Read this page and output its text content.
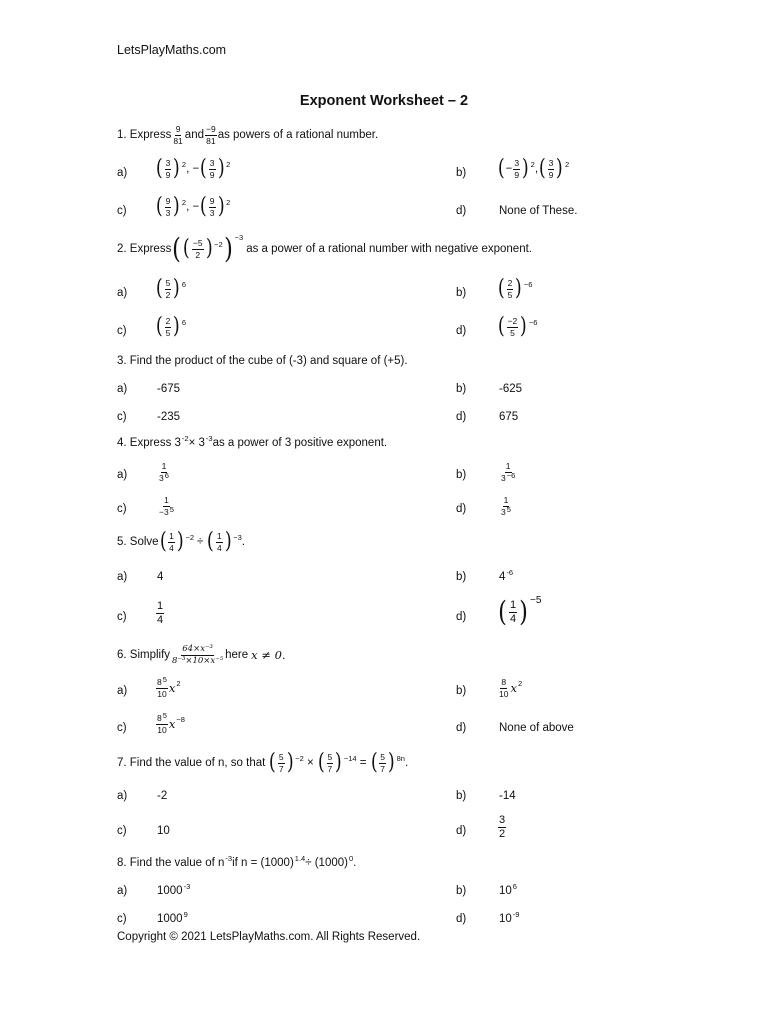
LetsPlayMaths.com
Exponent Worksheet – 2
1. Express $\frac{9}{81}$ and $\frac{-9}{81}$ as powers of a rational number.
a) ( $\frac{3}{9}$ ) 2 , − ( $\frac{3}{9}$ ) 2
b) ( − $\frac{3}{9}$ ) 2 , ( $\frac{3}{9}$ ) 2
c) ( $\frac{9}{3}$ ) 2 , − ( $\frac{9}{3}$ ) 2
d)	None of These.
2. Express ( ( $\frac{-5}{2}$ ) −2 ) −3
as a power of a rational number with negative exponent.
a) ( $\frac{5}{2}$ ) 6
b) ( $\frac{2}{5}$ ) −6
c) ( $\frac{2}{5}$ ) 6
d) ( $\frac{-2}{5}$ ) −6
3. Find the product of the cube of (-3) and square of (+5).
a)	-675	b)	-625
c)	-235	d)	675
4. Express 3 -2 × 3 -3 as a power of 3 positive exponent.
a)	$\frac{1}{36}$	b)	$\frac{1}{3-6}$
c)	$\frac{1}{-35}$	d)	$\frac{1}{35}$
5. Solve ( $\frac{1}{4}$ ) −2 ÷ ( $\frac{1}{4}$ ) −3 .
a)	4	b)	4 -6
c)	$\frac{1}{4}$	d) ( $\frac{1}{4}$ ) −5
6. Simplify $\frac{\text{64×x⁻³}}{\text{8⁻³×10×x⁻⁵}}$ here x ≠ 0.
a)	$\frac{85}{10}$ x 2
b)	$\frac{8}{10}$ x 2
c)	$\frac{85}{10}$ x −8
d)	None of above
7. Find the value of n, so that ( $\frac{5}{7}$ ) −2 × ( $\frac{5}{7}$ ) −14 = ( $\frac{5}{7}$ ) 8n .
a)	-2	b)	-14
c)	10	d)	$\frac{3}{2}$
8. Find the value of n -3 if n = (1000) 1.4 ÷ (1000) 0 .
a)	1000 -3	b)	10 6
c)	1000 9	d)	10 -9
Copyright © 2021 LetsPlayMaths.com. All Rights Reserved.
